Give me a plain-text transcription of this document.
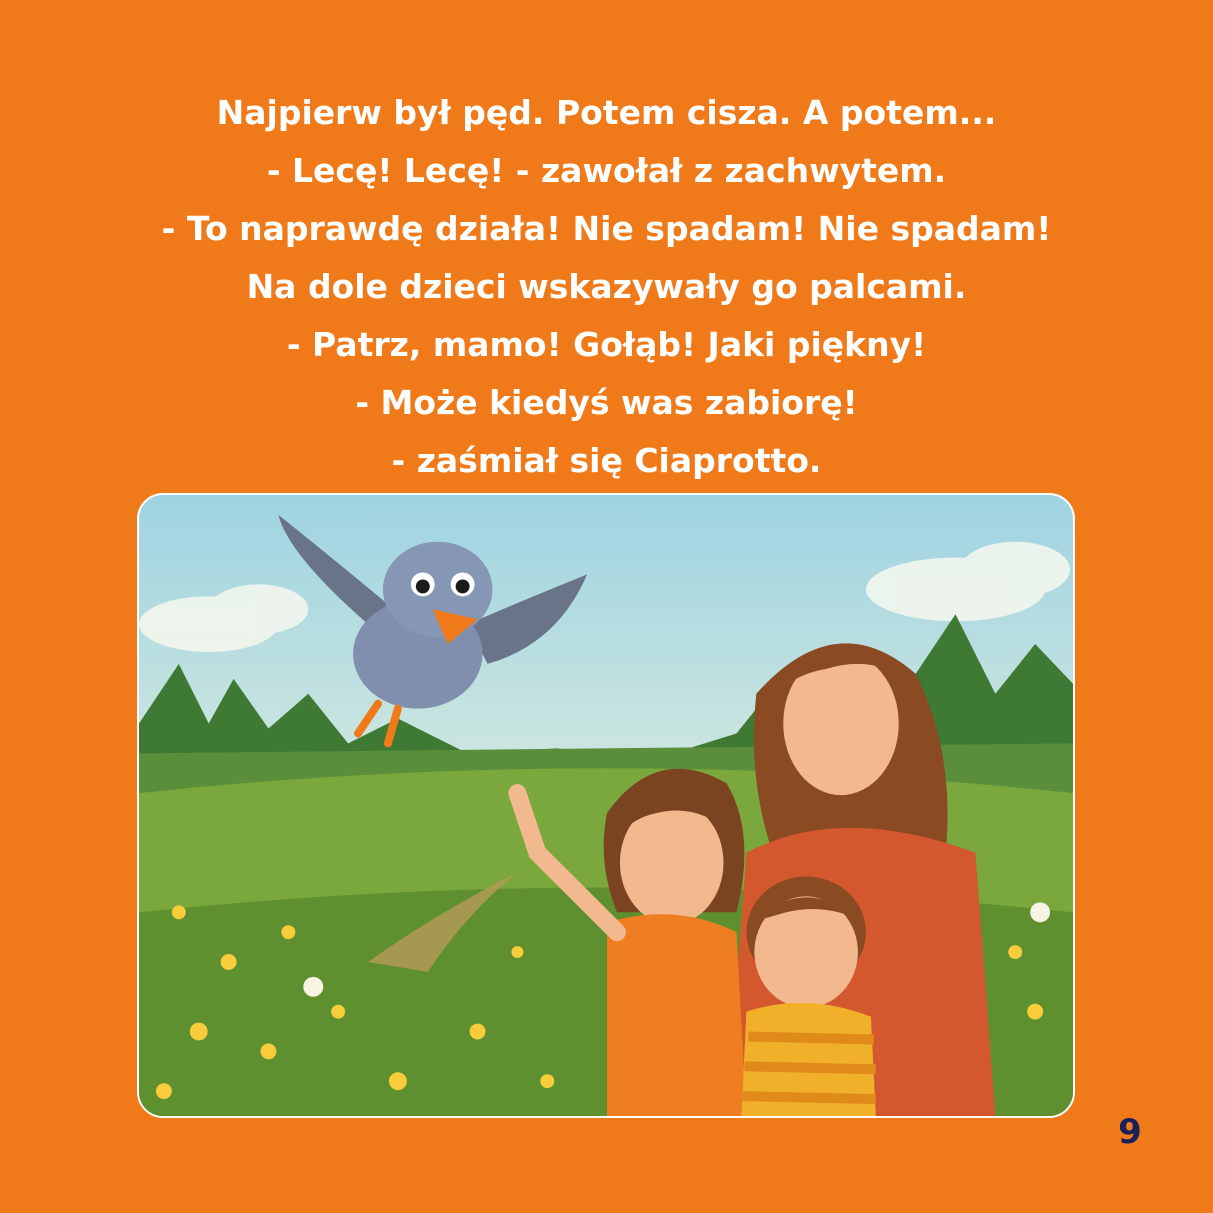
Najpierw był pęd. Potem cisza. A potem...
- Lecę! Lecę! - zawołał z zachwytem.
- To naprawdę działa! Nie spadam! Nie spadam!
Na dole dzieci wskazywały go palcami.
- Patrz, mamo! Gołąb! Jaki piękny!
- Może kiedyś was zabiorę!
- zaśmiał się Ciaprotto.
9
